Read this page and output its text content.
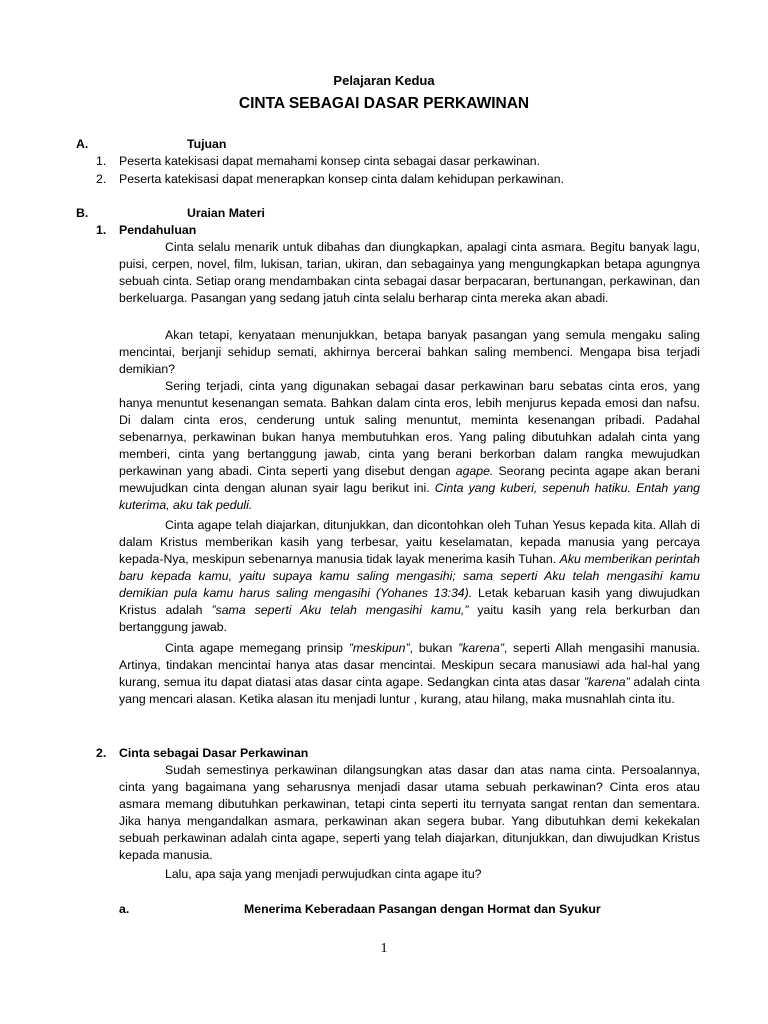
Pelajaran Kedua
CINTA SEBAGAI DASAR PERKAWINAN
A.	Tujuan
1. Peserta katekisasi dapat memahami konsep cinta sebagai dasar perkawinan.
2. Peserta katekisasi dapat menerapkan konsep cinta dalam kehidupan perkawinan.
B.	Uraian Materi
1. Pendahuluan

Cinta selalu menarik untuk dibahas dan diungkapkan, apalagi cinta asmara. Begitu banyak lagu, puisi, cerpen, novel, film, lukisan, tarian, ukiran, dan sebagainya yang mengungkapkan betapa agungnya sebuah cinta. Setiap orang mendambakan cinta sebagai dasar berpacaran, bertunangan, perkawinan, dan berkeluarga. Pasangan yang sedang jatuh cinta selalu berharap cinta mereka akan abadi.

Akan tetapi, kenyataan menunjukkan, betapa banyak pasangan yang semula mengaku saling mencintai, berjanji sehidup semati, akhirnya bercerai bahkan saling membenci. Mengapa bisa terjadi demikian?

Sering terjadi, cinta yang digunakan sebagai dasar perkawinan baru sebatas cinta eros, yang hanya menuntut kesenangan semata. Bahkan dalam cinta eros, lebih menjurus kepada emosi dan nafsu. Di dalam cinta eros, cenderung untuk saling menuntut, meminta kesenangan pribadi. Padahal sebenarnya, perkawinan bukan hanya membutuhkan eros. Yang paling dibutuhkan adalah cinta yang memberi, cinta yang bertanggung jawab, cinta yang berani berkorban dalam rangka mewujudkan perkawinan yang abadi. Cinta seperti yang disebut dengan agape. Seorang pecinta agape akan berani mewujudkan cinta dengan alunan syair lagu berikut ini. Cinta yang kuberi, sepenuh hatiku. Entah yang kuterima, aku tak peduli.

Cinta agape telah diajarkan, ditunjukkan, dan dicontohkan oleh Tuhan Yesus kepada kita. Allah di dalam Kristus memberikan kasih yang terbesar, yaitu keselamatan, kepada manusia yang percaya kepada-Nya, meskipun sebenarnya manusia tidak layak menerima kasih Tuhan. Aku memberikan perintah baru kepada kamu, yaitu supaya kamu saling mengasihi; sama seperti Aku telah mengasihi kamu demikian pula kamu harus saling mengasihi (Yohanes 13:34). Letak kebaruan kasih yang diwujudkan Kristus adalah ”sama seperti Aku telah mengasihi kamu,” yaitu kasih yang rela berkurban dan bertanggung jawab.

Cinta agape memegang prinsip ”meskipun”, bukan ”karena”, seperti Allah mengasihi manusia. Artinya, tindakan mencintai hanya atas dasar mencintai. Meskipun secara manusiawi ada hal-hal yang kurang, semua itu dapat diatasi atas dasar cinta agape. Sedangkan cinta atas dasar ”karena” adalah cinta yang mencari alasan. Ketika alasan itu menjadi luntur , kurang, atau hilang, maka musnahlah cinta itu.

2. Cinta sebagai Dasar Perkawinan

Sudah semestinya perkawinan dilangsungkan atas dasar dan atas nama cinta. Persoalannya, cinta yang bagaimana yang seharusnya menjadi dasar utama sebuah perkawinan? Cinta eros atau asmara memang dibutuhkan perkawinan, tetapi cinta seperti itu ternyata sangat rentan dan sementara. Jika hanya mengandalkan asmara, perkawinan akan segera bubar. Yang dibutuhkan demi kekekalan sebuah perkawinan adalah cinta agape, seperti yang telah diajarkan, ditunjukkan, dan diwujudkan Kristus kepada manusia.

Lalu, apa saja yang menjadi perwujudkan cinta agape itu?

a.	Menerima Keberadaan Pasangan dengan Hormat dan Syukur
1
